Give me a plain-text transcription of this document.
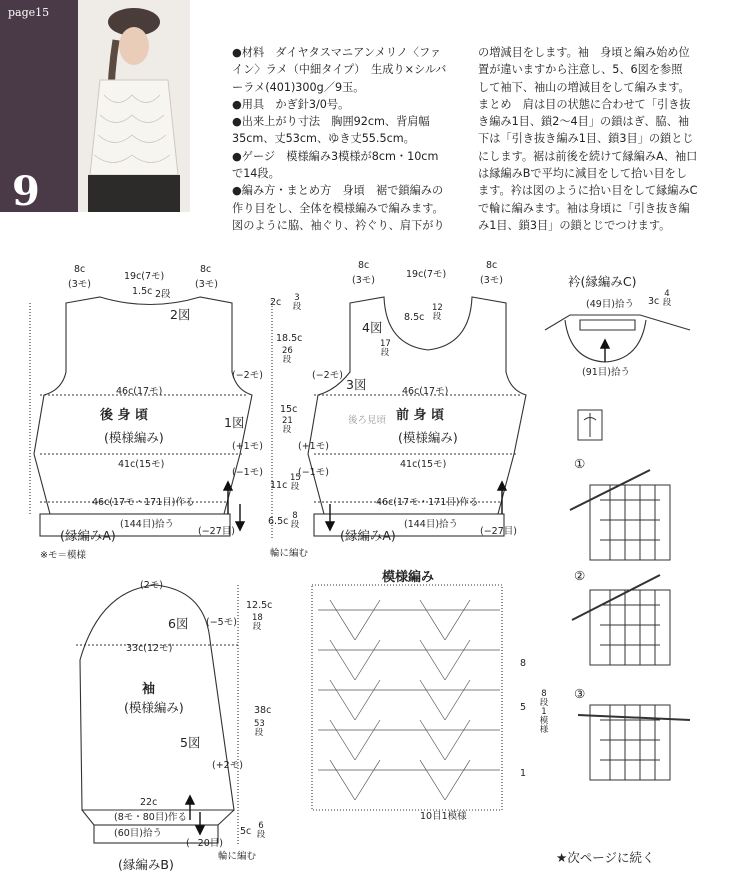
page15
9
●材料　ダイヤタスマニアンメリノ〈ファ
イン〉ラメ（中細タイプ）　生成り×シルバ
ーラメ(401)300g／9玉。
●用具　かぎ針3/0号。
●出来上がり寸法　胸囲92cm、背肩幅
35cm、丈53cm、ゆき丈55.5cm。
●ゲージ　模様編み3模様が8cm・10cm
で14段。
●編み方・まとめ方　身頃　裾で鎖編みの
作り目をし、全体を模様編みで編みます。
図のように脇、袖ぐり、衿ぐり、肩下がり
の増減目をします。袖　身頃と編み始め位
置が違いますから注意し、5、6図を参照
して袖下、袖山の増減目をして編みます。
まとめ　肩は目の状態に合わせて「引き抜
き編み1目、鎖2～4目」の鎖はぎ、脇、袖
下は「引き抜き編み1目、鎖3目」の鎖とじ
にします。裾は前後を続けて縁編みA、袖口
は縁編みBで平均に減目をして拾い目をし
ます。衿は図のように拾い目をして縁編みC
で輪に編みます。袖は身頃に「引き抜き編
み1目、鎖3目」の鎖とじでつけます。
8c
(3モ)
19c(7モ)
8c
(3モ)
1.5c 2段
2図
(−2モ)
46c(17モ)
後 身 頃	1図
(模様編み)
(+1モ)
41c(15モ)
(−1モ)
46c(17モ・171目)作る
(144目)拾う
(−27目)
(縁編みA)
※モ＝模様
2c 3段
18.5c
26段
15c
21段
11c
15段
6.5c 8段
輪に編む
8c
(3モ)
19c(7モ)
8c
(3モ)
8.5c
12段
17段
4図
(−2モ)
3図	46c(17モ)
前 身 頃
後ろ見頃
(模様編み)
(+1モ)
41c(15モ)
(−1モ)
46c(17モ・171目)作る
(144目)拾う
(−27目)
(縁編みA)
衿(縁編みC)
(49目)拾う 3c
4段
(91目)拾う
(2モ)
6図 (−5モ)
12.5c
18段
33c(12モ)
袖
(模様編み)	38c
53段
5図
(+2モ)
22c
(8モ・80目)作る
(60目)拾う
(−20目)
5c 6段
輪に編む
(縁編みB)
模様編み
8
5
1
8段1模様
10目1模様
①
②
③
★次ページに続く
